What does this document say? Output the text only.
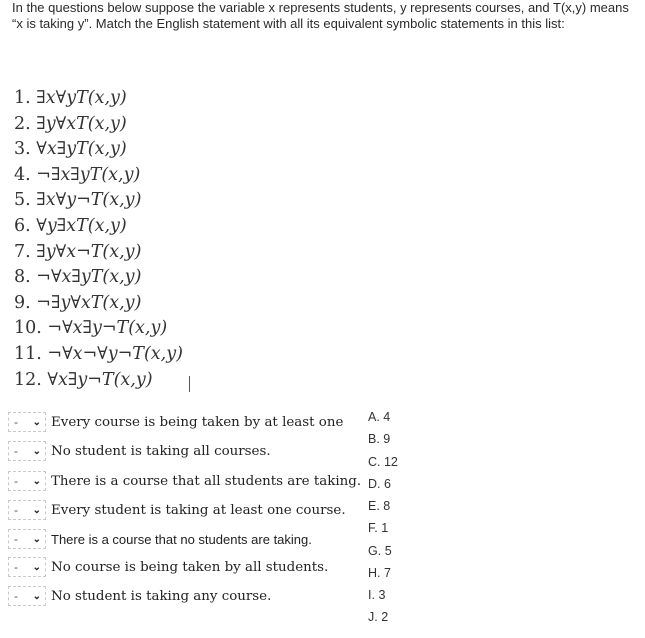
In the questions below suppose the variable x represents students, y represents courses, and T(x,y) means “x is taking y”. Match the English statement with all its equivalent symbolic statements in this list:
1. ∃x∀yT(x,y)
2. ∃y∀xT(x,y)
3. ∀x∃yT(x,y)
4. ¬∃x∃yT(x,y)
5. ∃x∀y¬T(x,y)
6. ∀y∃xT(x,y)
7. ∃y∀x¬T(x,y)
8. ¬∀x∃yT(x,y)
9. ¬∃y∀xT(x,y)
10. ¬∀x∃y¬T(x,y)
11. ¬∀x¬∀y¬T(x,y)
12. ∀x∃y¬T(x,y)
- ⌄ Every course is being taken by at least one
- ⌄ No student is taking all courses.
- ⌄ There is a course that all students are taking.
- ⌄ Every student is taking at least one course.
- ⌄ There is a course that no students are taking.
- ⌄ No course is being taken by all students.
- ⌄ No student is taking any course.
A. 4
B. 9
C. 12
D. 6
E. 8
F. 1
G. 5
H. 7
I. 3
J. 2
